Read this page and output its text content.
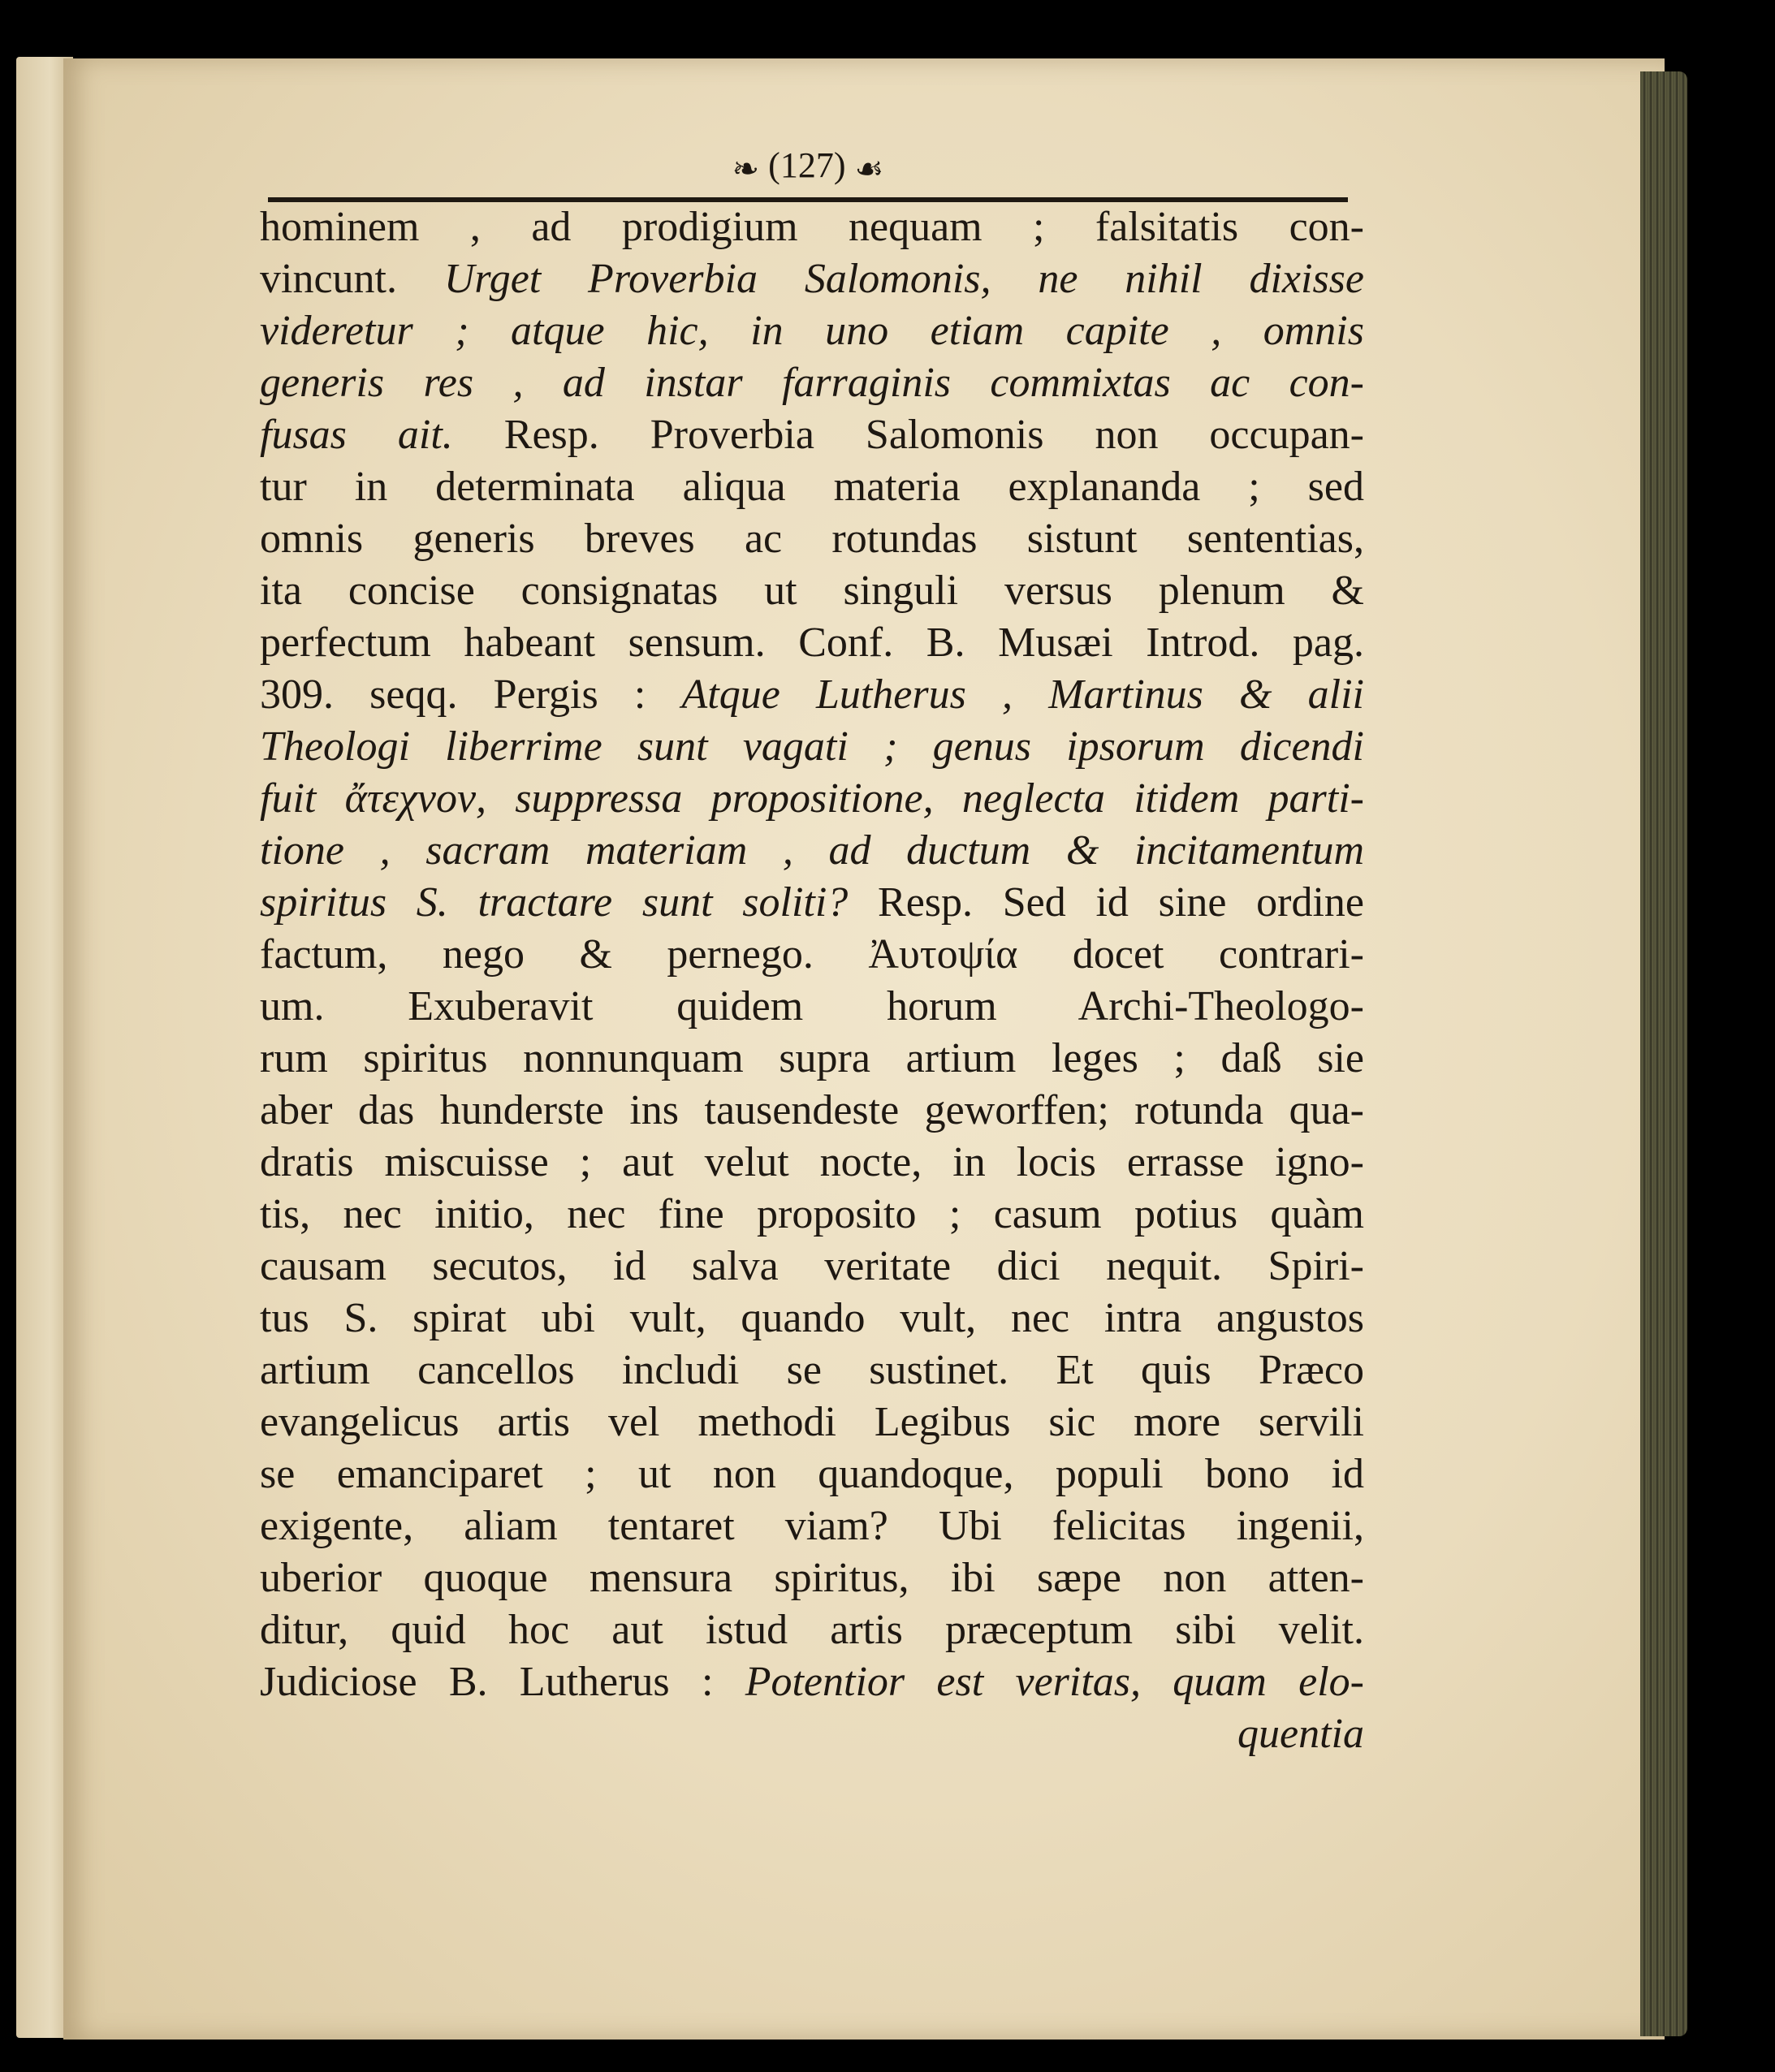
❧ (127) ☙
hominem , ad prodigium nequam ; falsitatis con-
vincunt. Urget Proverbia Salomonis, ne nihil dixisse
videretur ; atque hic, in uno etiam capite , omnis
generis res , ad instar farraginis commixtas ac con-
fusas ait. Resp. Proverbia Salomonis non occupan-
tur in determinata aliqua materia explananda ; sed
omnis generis breves ac rotundas sistunt sententias,
ita concise consignatas ut singuli versus plenum &
perfectum habeant sensum. Conf. B. Musæi Introd. pag.
309. seqq. Pergis : Atque Lutherus , Martinus & alii
Theologi liberrime sunt vagati ; genus ipsorum dicendi
fuit ἄτεχνον, suppressa propositione, neglecta itidem parti-
tione , sacram materiam , ad ductum & incitamentum
spiritus S. tractare sunt soliti? Resp. Sed id sine ordine
factum, nego & pernego. Ἀυτοψία docet contrari-
um. Exuberavit quidem horum Archi-Theologo-
rum spiritus nonnunquam supra artium leges ; daß sie
aber das hunderste ins tausendeste geworffen; rotunda qua-
dratis miscuisse ; aut velut nocte, in locis errasse igno-
tis, nec initio, nec fine proposito ; casum potius quàm
causam secutos, id salva veritate dici nequit. Spiri-
tus S. spirat ubi vult, quando vult, nec intra angustos
artium cancellos includi se sustinet. Et quis Præco
evangelicus artis vel methodi Legibus sic more servili
se emanciparet ; ut non quandoque, populi bono id
exigente, aliam tentaret viam? Ubi felicitas ingenii,
uberior quoque mensura spiritus, ibi sæpe non atten-
ditur, quid hoc aut istud artis præceptum sibi velit.
Judiciose B. Lutherus : Potentior est veritas, quam elo-
quentia
